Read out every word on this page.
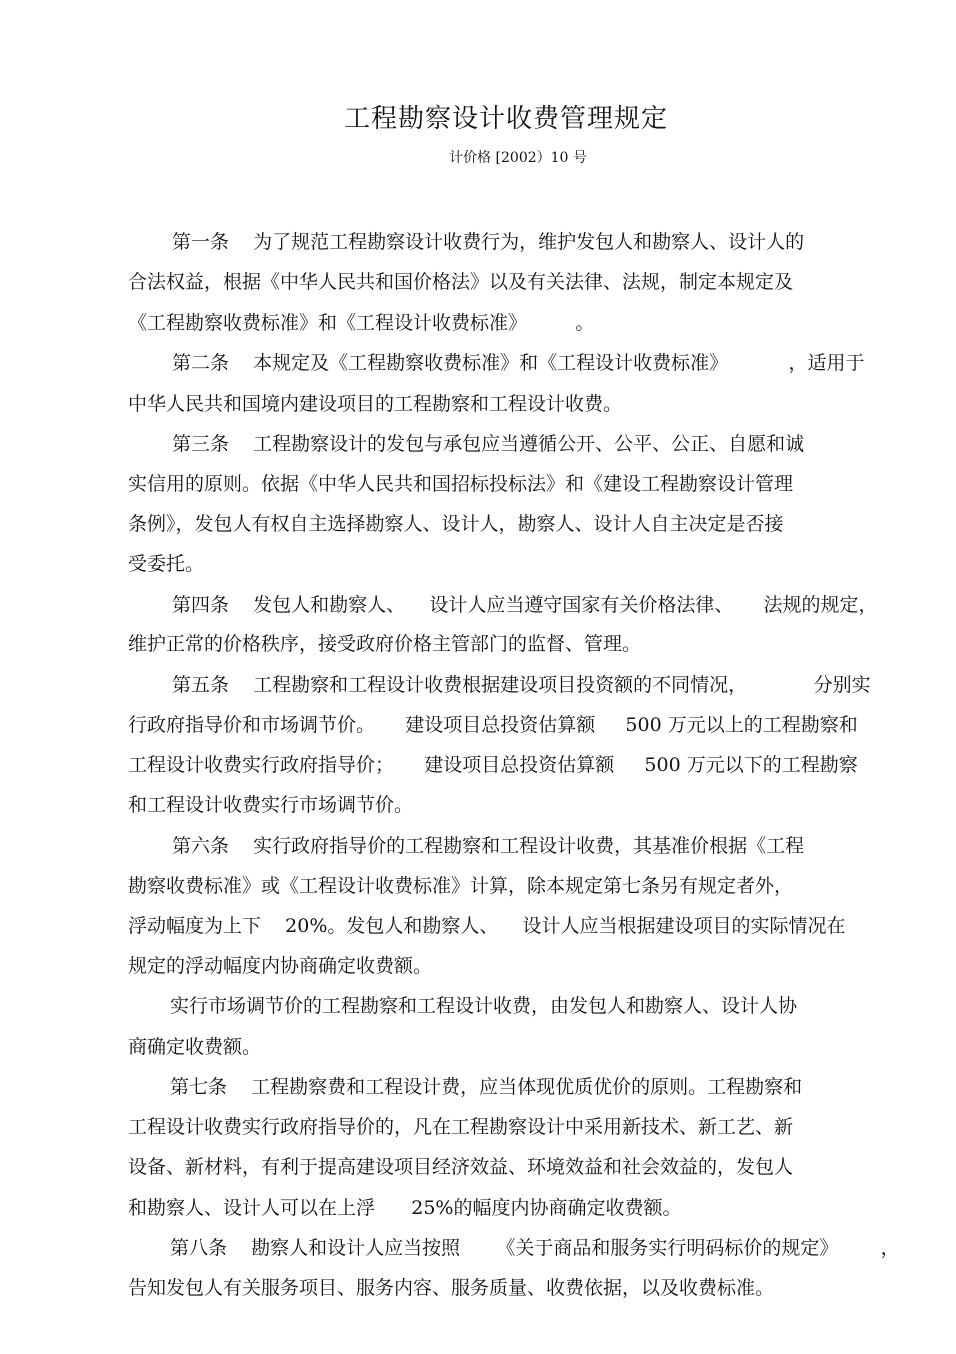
工程勘察设计收费管理规定
计价格 [2002）10 号
第一条    为了规范工程勘察设计收费行为，维护发包人和勘察人、设计人的
合法权益，根据《中华人民共和国价格法》以及有关法律、法规，制定本规定及
《工程勘察收费标准》和《工程设计收费标准》        。
第二条    本规定及《工程勘察收费标准》和《工程设计收费标准》          ，适用于
中华人民共和国境内建设项目的工程勘察和工程设计收费。
第三条    工程勘察设计的发包与承包应当遵循公开、公平、公正、自愿和诚
实信用的原则。依据《中华人民共和国招标投标法》和《建设工程勘察设计管理
条例》，发包人有权自主选择勘察人、设计人，勘察人、设计人自主决定是否接
受委托。
第四条    发包人和勘察人、    设计人应当遵守国家有关价格法律、     法规的规定，
维护正常的价格秩序，接受政府价格主管部门的监督、管理。
第五条    工程勘察和工程设计收费根据建设项目投资额的不同情况，           分别实
行政府指导价和市场调节价。     建设项目总投资估算额     500 万元以上的工程勘察和
工程设计收费实行政府指导价；     建设项目总投资估算额     500 万元以下的工程勘察
和工程设计收费实行市场调节价。
第六条    实行政府指导价的工程勘察和工程设计收费，其基准价根据《工程
勘察收费标准》或《工程设计收费标准》计算，除本规定第七条另有规定者外，
浮动幅度为上下    20%。发包人和勘察人、    设计人应当根据建设项目的实际情况在
规定的浮动幅度内协商确定收费额。
实行市场调节价的工程勘察和工程设计收费，由发包人和勘察人、设计人协
商确定收费额。
第七条    工程勘察费和工程设计费，应当体现优质优价的原则。工程勘察和
工程设计收费实行政府指导价的，凡在工程勘察设计中采用新技术、新工艺、新
设备、新材料，有利于提高建设项目经济效益、环境效益和社会效益的，发包人
和勘察人、设计人可以在上浮      25%的幅度内协商确定收费额。
第八条    勘察人和设计人应当按照      《关于商品和服务实行明码标价的规定》       ，
告知发包人有关服务项目、服务内容、服务质量、收费依据，以及收费标准。
